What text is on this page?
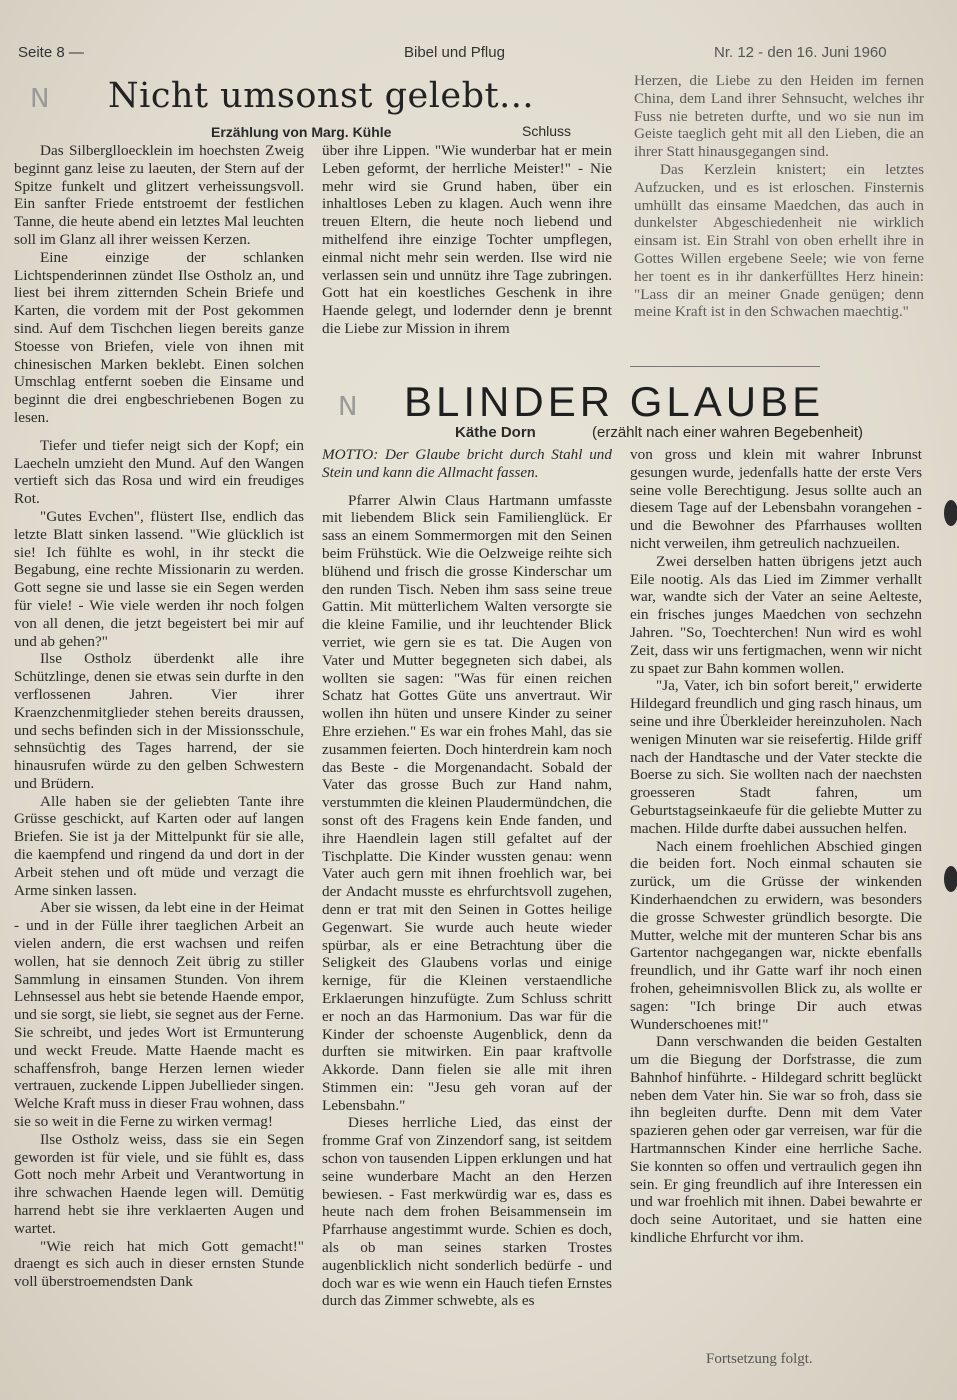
Seite 8 —	Bibel und Pflug	Nr. 12 - den 16. Juni 1960
N
N
Nicht umsonst gelebt...
Erzählung von Marg. Kühle	Schluss

Das Silberglloecklein im hoechsten Zweig beginnt ganz leise zu laeuten, der Stern auf der Spitze funkelt und glitzert verheissungsvoll. Ein sanfter Friede entstroemt der festlichen Tanne, die heute abend ein letztes Mal leuchten soll im Glanz all ihrer weissen Kerzen.

Eine einzige der schlanken Lichtspenderinnen zündet Ilse Ostholz an, und liest bei ihrem zitternden Schein Briefe und Karten, die vordem mit der Post gekommen sind. Auf dem Tischchen liegen bereits ganze Stoesse von Briefen, viele von ihnen mit chinesischen Marken beklebt. Einen solchen Umschlag entfernt soeben die Einsame und beginnt die drei engbeschriebenen Bogen zu lesen.

Tiefer und tiefer neigt sich der Kopf; ein Laecheln umzieht den Mund. Auf den Wangen vertieft sich das Rosa und wird ein freudiges Rot.

"Gutes Evchen", flüstert Ilse, endlich das letzte Blatt sinken lassend. "Wie glücklich ist sie! Ich fühlte es wohl, in ihr steckt die Begabung, eine rechte Missionarin zu werden. Gott segne sie und lasse sie ein Segen werden für viele! - Wie viele werden ihr noch folgen von all denen, die jetzt begeistert bei mir auf und ab gehen?"

Ilse Ostholz überdenkt alle ihre Schützlinge, denen sie etwas sein durfte in den verflossenen Jahren. Vier ihrer Kraenzchenmitglieder stehen bereits draussen, und sechs befinden sich in der Missionsschule, sehnsüchtig des Tages harrend, der sie hinausrufen würde zu den gelben Schwestern und Brüdern.

Alle haben sie der geliebten Tante ihre Grüsse geschickt, auf Karten oder auf langen Briefen. Sie ist ja der Mittelpunkt für sie alle, die kaempfend und ringend da und dort in der Arbeit stehen und oft müde und verzagt die Arme sinken lassen.

Aber sie wissen, da lebt eine in der Heimat - und in der Fülle ihrer taeglichen Arbeit an vielen andern, die erst wachsen und reifen wollen, hat sie dennoch Zeit übrig zu stiller Sammlung in einsamen Stunden. Von ihrem Lehnsessel aus hebt sie betende Haende empor, und sie sorgt, sie liebt, sie segnet aus der Ferne. Sie schreibt, und jedes Wort ist Ermunterung und weckt Freude. Matte Haende macht es schaffensfroh, bange Herzen lernen wieder vertrauen, zuckende Lippen Jubellieder singen. Welche Kraft muss in dieser Frau wohnen, dass sie so weit in die Ferne zu wirken vermag!

Ilse Ostholz weiss, dass sie ein Segen geworden ist für viele, und sie fühlt es, dass Gott noch mehr Arbeit und Verantwortung in ihre schwachen Haende legen will. Demütig harrend hebt sie ihre verklaerten Augen und wartet.

"Wie reich hat mich Gott gemacht!" draengt es sich auch in dieser ernsten Stunde voll überstroemendsten Dank

über ihre Lippen. "Wie wunderbar hat er mein Leben geformt, der herrliche Meister!" - Nie mehr wird sie Grund haben, über ein inhaltloses Leben zu klagen. Auch wenn ihre treuen Eltern, die heute noch liebend und mithelfend ihre einzige Tochter umpflegen, einmal nicht mehr sein werden. Ilse wird nie verlassen sein und unnütz ihre Tage zubringen. Gott hat ein koestliches Geschenk in ihre Haende gelegt, und lodernder denn je brennt die Liebe zur Mission in ihrem

Herzen, die Liebe zu den Heiden im fernen China, dem Land ihrer Sehnsucht, welches ihr Fuss nie betreten durfte, und wo sie nun im Geiste taeglich geht mit all den Lieben, die an ihrer Statt hinausgegangen sind.

Das Kerzlein knistert; ein letztes Aufzucken, und es ist erloschen. Finsternis umhüllt das einsame Maedchen, das auch in dunkelster Abgeschiedenheit nie wirklich einsam ist. Ein Strahl von oben erhellt ihre in Gottes Willen ergebene Seele; wie von ferne her toent es in ihr dankerfülltes Herz hinein: "Lass dir an meiner Gnade genügen; denn meine Kraft ist in den Schwachen maechtig."

BLINDER GLAUBE
Käthe Dorn	(erzählt nach einer wahren Begebenheit)

MOTTO: Der Glaube bricht durch Stahl und Stein und kann die Allmacht fassen.

Pfarrer Alwin Claus Hartmann umfasste mit liebendem Blick sein Familienglück. Er sass an einem Sommermorgen mit den Seinen beim Frühstück. Wie die Oelzweige reihte sich blühend und frisch die grosse Kinderschar um den runden Tisch. Neben ihm sass seine treue Gattin. Mit mütterlichem Walten versorgte sie die kleine Familie, und ihr leuchtender Blick verriet, wie gern sie es tat. Die Augen von Vater und Mutter begegneten sich dabei, als wollten sie sagen: "Was für einen reichen Schatz hat Gottes Güte uns anvertraut. Wir wollen ihn hüten und unsere Kinder zu seiner Ehre erziehen." Es war ein frohes Mahl, das sie zusammen feierten. Doch hinterdrein kam noch das Beste - die Morgenandacht. Sobald der Vater das grosse Buch zur Hand nahm, verstummten die kleinen Plaudermündchen, die sonst oft des Fragens kein Ende fanden, und ihre Haendlein lagen still gefaltet auf der Tischplatte. Die Kinder wussten genau: wenn Vater auch gern mit ihnen froehlich war, bei der Andacht musste es ehrfurchtsvoll zugehen, denn er trat mit den Seinen in Gottes heilige Gegenwart. Sie wurde auch heute wieder spürbar, als er eine Betrachtung über die Seligkeit des Glaubens vorlas und einige kernige, für die Kleinen verstaendliche Erklaerungen hinzufügte. Zum Schluss schritt er noch an das Harmonium. Das war für die Kinder der schoenste Augenblick, denn da durften sie mitwirken. Ein paar kraftvolle Akkorde. Dann fielen sie alle mit ihren Stimmen ein: "Jesu geh voran auf der Lebensbahn."

Dieses herrliche Lied, das einst der fromme Graf von Zinzendorf sang, ist seitdem schon von tausenden Lippen erklungen und hat seine wunderbare Macht an den Herzen bewiesen. - Fast merkwürdig war es, dass es heute nach dem frohen Beisammensein im Pfarrhause angestimmt wurde. Schien es doch, als ob man seines starken Trostes augenblicklich nicht sonderlich bedürfe - und doch war es wie wenn ein Hauch tiefen Ernstes durch das Zimmer schwebte, als es

von gross und klein mit wahrer Inbrunst gesungen wurde, jedenfalls hatte der erste Vers seine volle Berechtigung. Jesus sollte auch an diesem Tage auf der Lebensbahn vorangehen - und die Bewohner des Pfarrhauses wollten nicht verweilen, ihm getreulich nachzueilen.

Zwei derselben hatten übrigens jetzt auch Eile nootig. Als das Lied im Zimmer verhallt war, wandte sich der Vater an seine Aelteste, ein frisches junges Maedchen von sechzehn Jahren. "So, Toechterchen! Nun wird es wohl Zeit, dass wir uns fertigmachen, wenn wir nicht zu spaet zur Bahn kommen wollen.

"Ja, Vater, ich bin sofort bereit," erwiderte Hildegard freundlich und ging rasch hinaus, um seine und ihre Überkleider hereinzuholen. Nach wenigen Minuten war sie reisefertig. Hilde griff nach der Handtasche und der Vater steckte die Boerse zu sich. Sie wollten nach der naechsten groesseren Stadt fahren, um Geburtstagseinkaeufe für die geliebte Mutter zu machen. Hilde durfte dabei aussuchen helfen.

Nach einem froehlichen Abschied gingen die beiden fort. Noch einmal schauten sie zurück, um die Grüsse der winkenden Kinderhaendchen zu erwidern, was besonders die grosse Schwester gründlich besorgte. Die Mutter, welche mit der munteren Schar bis ans Gartentor nachgegangen war, nickte ebenfalls freundlich, und ihr Gatte warf ihr noch einen frohen, geheimnisvollen Blick zu, als wollte er sagen: "Ich bringe Dir auch etwas Wunderschoenes mit!"

Dann verschwanden die beiden Gestalten um die Biegung der Dorfstrasse, die zum Bahnhof hinführte. - Hildegard schritt beglückt neben dem Vater hin. Sie war so froh, dass sie ihn begleiten durfte. Denn mit dem Vater spazieren gehen oder gar verreisen, war für die Hartmannschen Kinder eine herrliche Sache. Sie konnten so offen und vertraulich gegen ihn sein. Er ging freundlich auf ihre Interessen ein und war froehlich mit ihnen. Dabei bewahrte er doch seine Autoritaet, und sie hatten eine kindliche Ehrfurcht vor ihm.

Fortsetzung folgt.
